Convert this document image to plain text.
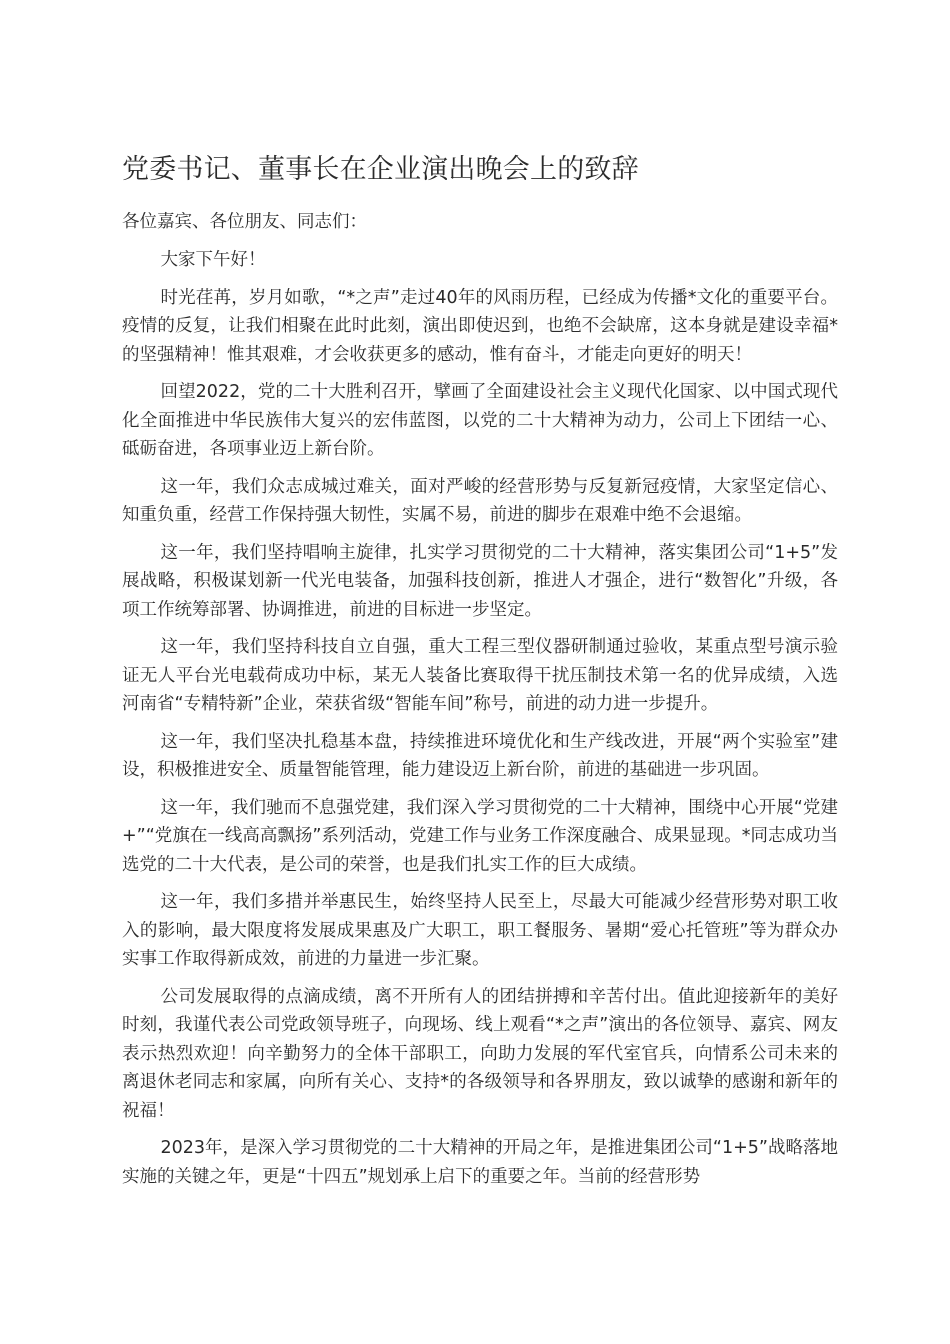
党委书记、董事长在企业演出晚会上的致辞

各位嘉宾、各位朋友、同志们：

大家下午好！

时光荏苒，岁月如歌，“*之声”走过40年的风雨历程，已经成为传播*文化的重要平台。疫情的反复，让我们相聚在此时此刻，演出即使迟到，也绝不会缺席，这本身就是建设幸福*的坚强精神！惟其艰难，才会收获更多的感动，惟有奋斗，才能走向更好的明天！

回望2022，党的二十大胜利召开，擘画了全面建设社会主义现代化国家、以中国式现代化全面推进中华民族伟大复兴的宏伟蓝图，以党的二十大精神为动力，公司上下团结一心、砥砺奋进，各项事业迈上新台阶。

这一年，我们众志成城过难关，面对严峻的经营形势与反复新冠疫情，大家坚定信心、知重负重，经营工作保持强大韧性，实属不易，前进的脚步在艰难中绝不会退缩。

这一年，我们坚持唱响主旋律，扎实学习贯彻党的二十大精神，落实集团公司“1+5”发展战略，积极谋划新一代光电装备，加强科技创新，推进人才强企，进行“数智化”升级，各项工作统筹部署、协调推进，前进的目标进一步坚定。

这一年，我们坚持科技自立自强，重大工程三型仪器研制通过验收，某重点型号演示验证无人平台光电载荷成功中标，某无人装备比赛取得干扰压制技术第一名的优异成绩，入选河南省“专精特新”企业，荣获省级“智能车间”称号，前进的动力进一步提升。

这一年，我们坚决扎稳基本盘，持续推进环境优化和生产线改进，开展“两个实验室”建设，积极推进安全、质量智能管理，能力建设迈上新台阶，前进的基础进一步巩固。

这一年，我们驰而不息强党建，我们深入学习贯彻党的二十大精神，围绕中心开展“党建+”“党旗在一线高高飘扬”系列活动，党建工作与业务工作深度融合、成果显现。*同志成功当选党的二十大代表，是公司的荣誉，也是我们扎实工作的巨大成绩。

这一年，我们多措并举惠民生，始终坚持人民至上，尽最大可能减少经营形势对职工收入的影响，最大限度将发展成果惠及广大职工，职工餐服务、暑期“爱心托管班”等为群众办实事工作取得新成效，前进的力量进一步汇聚。

公司发展取得的点滴成绩，离不开所有人的团结拼搏和辛苦付出。值此迎接新年的美好时刻，我谨代表公司党政领导班子，向现场、线上观看“*之声”演出的各位领导、嘉宾、网友表示热烈欢迎！向辛勤努力的全体干部职工，向助力发展的军代室官兵，向情系公司未来的离退休老同志和家属，向所有关心、支持*的各级领导和各界朋友，致以诚挚的感谢和新年的祝福！

2023年，是深入学习贯彻党的二十大精神的开局之年，是推进集团公司“1+5”战略落地实施的关键之年，更是“十四五”规划承上启下的重要之年。当前的经营形势
